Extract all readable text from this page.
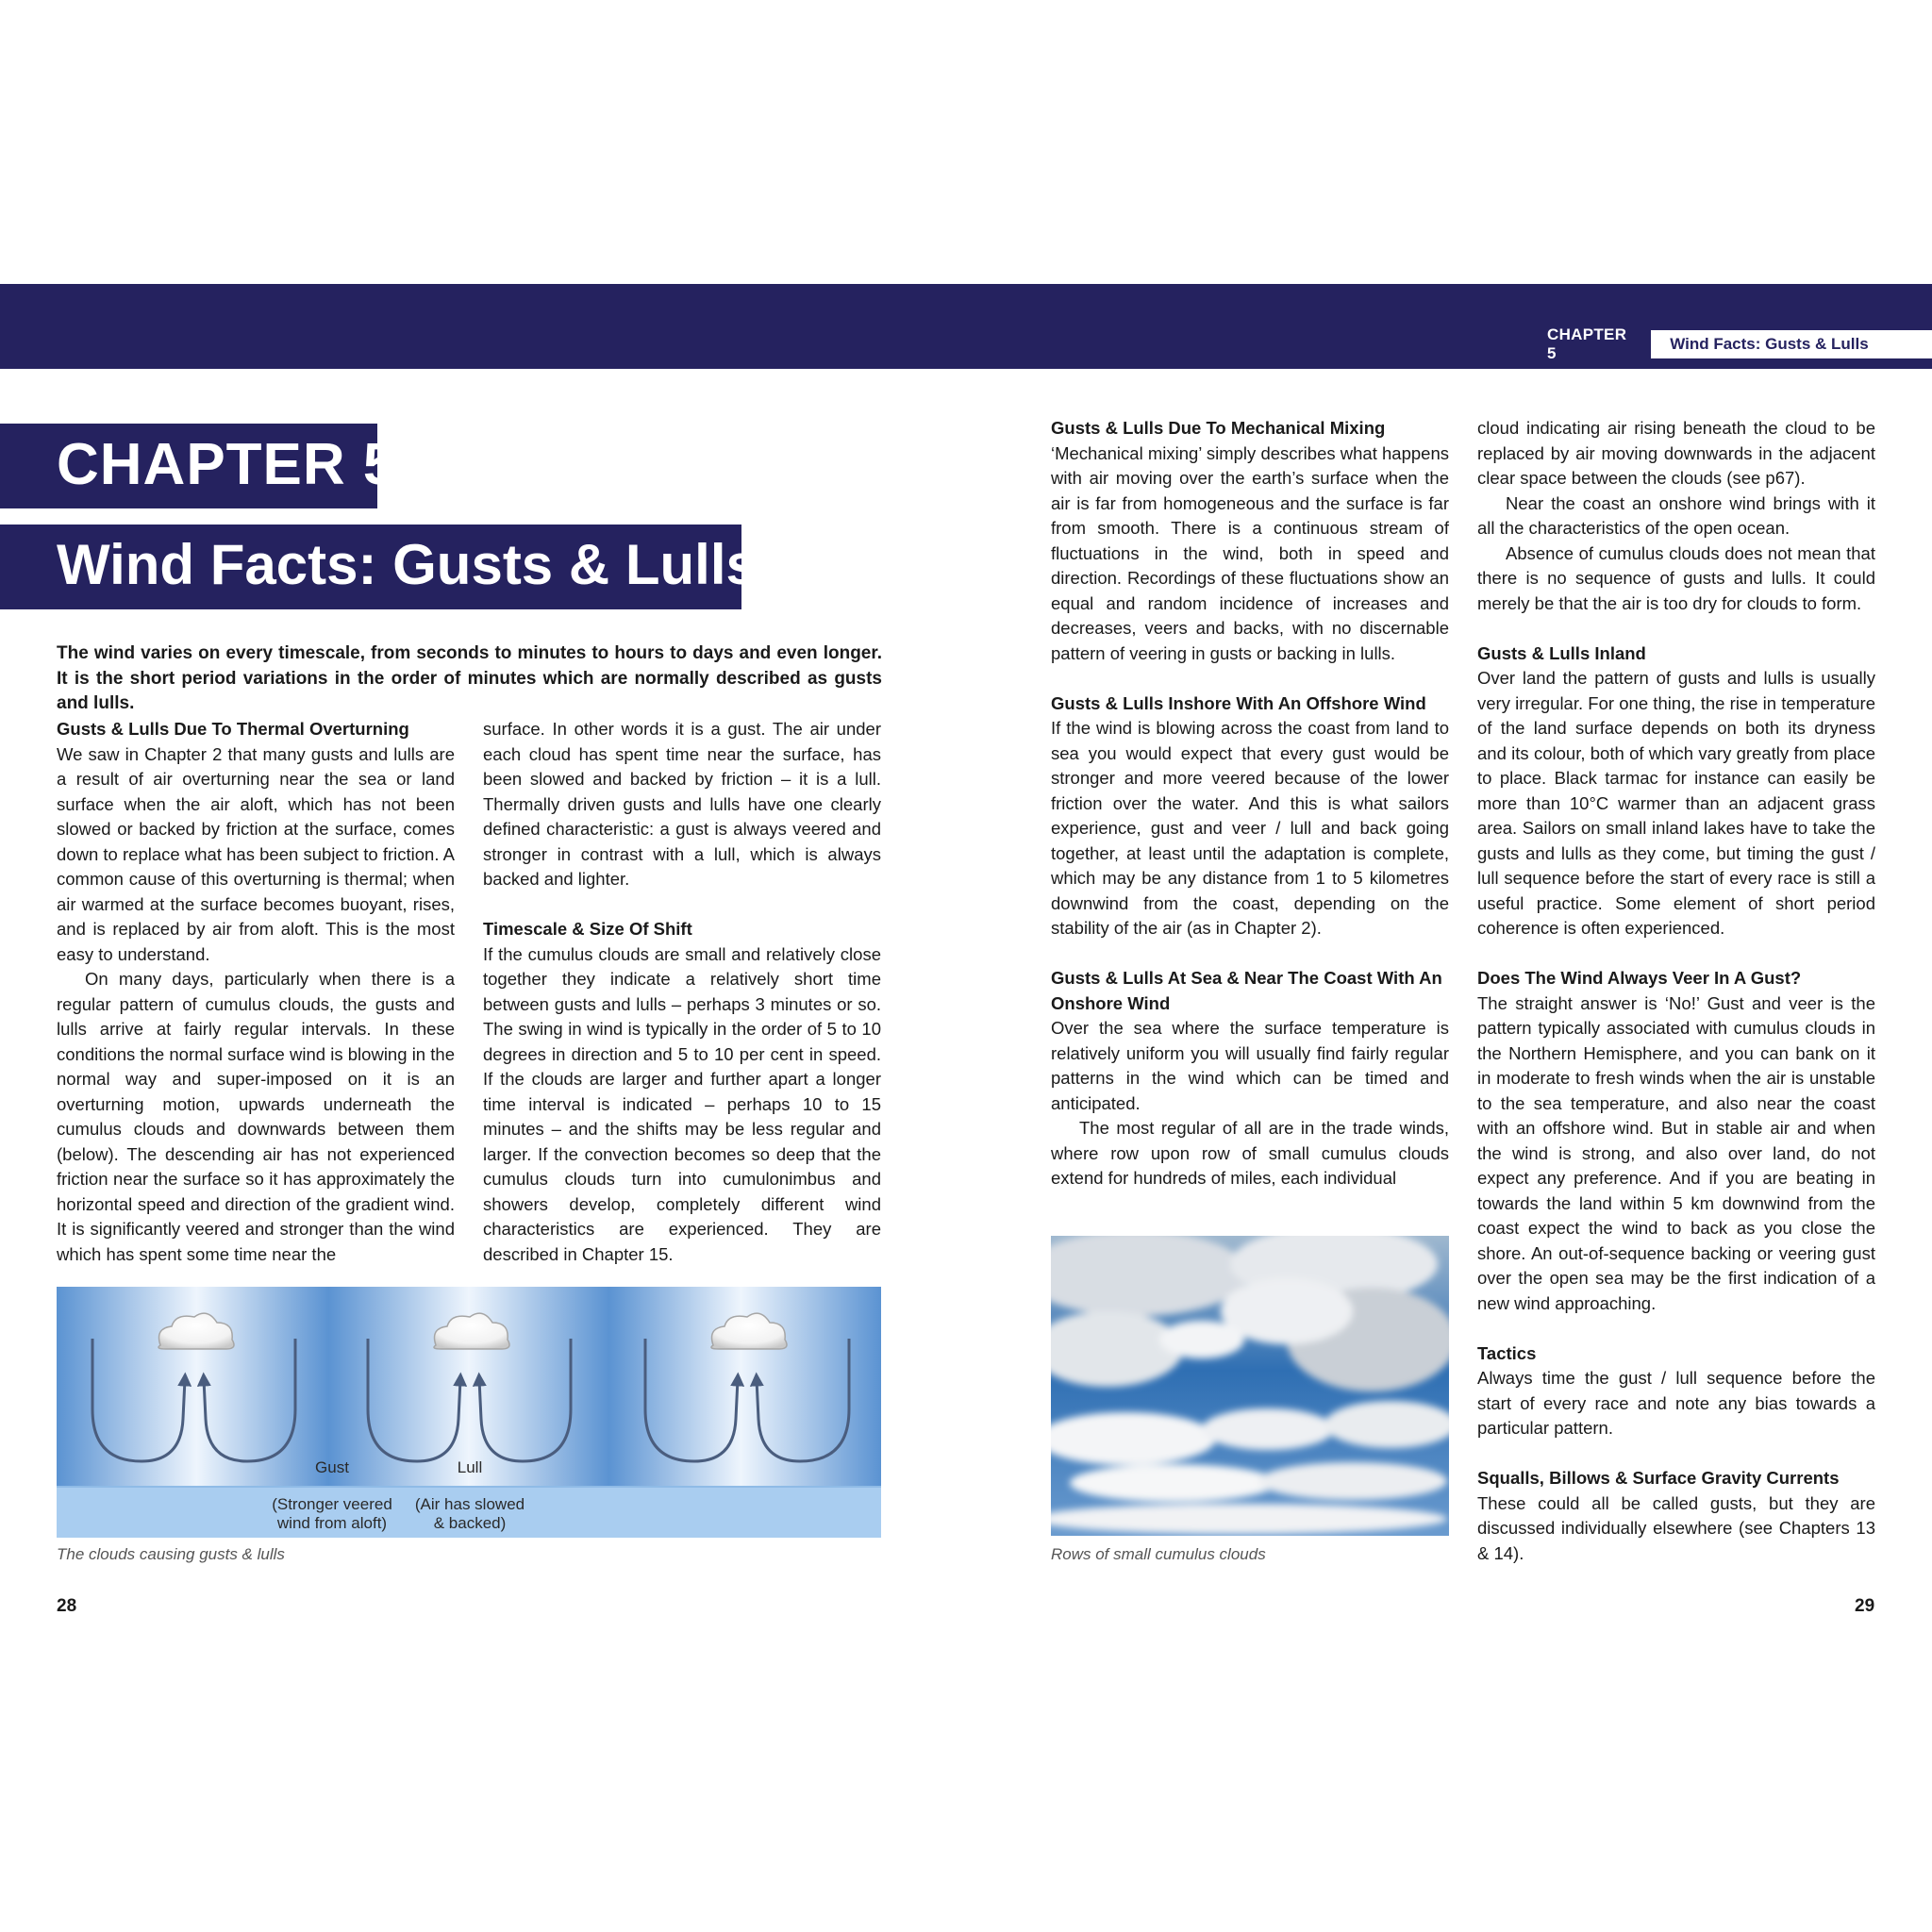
CHAPTER 5
Wind Facts: Gusts & Lulls
CHAPTER 5
Wind Facts: Gusts & Lulls
The wind varies on every timescale, from seconds to minutes to hours to days and even longer. It is the short period variations in the order of minutes which are normally described as gusts and lulls.
Gusts & Lulls Due To Thermal Overturning

We saw in Chapter 2 that many gusts and lulls are a result of air overturning near the sea or land surface when the air aloft, which has not been slowed or backed by friction at the surface, comes down to replace what has been subject to friction. A common cause of this overturning is thermal; when air warmed at the surface becomes buoyant, rises, and is replaced by air from aloft. This is the most easy to understand.

On many days, particularly when there is a regular pattern of cumulus clouds, the gusts and lulls arrive at fairly regular intervals. In these conditions the normal surface wind is blowing in the normal way and super-imposed on it is an overturning motion, upwards underneath the cumulus clouds and downwards between them (below). The descending air has not experienced friction near the surface so it has approximately the horizontal speed and direction of the gradient wind. It is significantly veered and stronger than the wind which has spent some time near the

surface. In other words it is a gust. The air under each cloud has spent time near the surface, has been slowed and backed by friction – it is a lull. Thermally driven gusts and lulls have one clearly defined characteristic: a gust is always veered and stronger in contrast with a lull, which is always backed and lighter.

Timescale & Size Of Shift

If the cumulus clouds are small and relatively close together they indicate a relatively short time between gusts and lulls – perhaps 3 minutes or so. The swing in wind is typically in the order of 5 to 10 degrees in direction and 5 to 10 per cent in speed. If the clouds are larger and further apart a longer time interval is indicated – perhaps 10 to 15 minutes – and the shifts may be less regular and larger. If the convection becomes so deep that the cumulus clouds turn into cumulonimbus and showers develop, completely different wind characteristics are experienced. They are described in Chapter 15.

Gust
(Stronger veered
wind from aloft)
Lull
(Air has slowed
& backed)
The clouds causing gusts & lulls
28
Gusts & Lulls Due To Mechanical Mixing

‘Mechanical mixing’ simply describes what happens with air moving over the earth’s surface when the air is far from homogeneous and the surface is far from smooth. There is a continuous stream of fluctuations in the wind, both in speed and direction. Recordings of these fluctuations show an equal and random incidence of increases and decreases, veers and backs, with no discernable pattern of veering in gusts or backing in lulls.

Gusts & Lulls Inshore With An Offshore Wind

If the wind is blowing across the coast from land to sea you would expect that every gust would be stronger and more veered because of the lower friction over the water. And this is what sailors experience, gust and veer / lull and back going together, at least until the adaptation is complete, which may be any distance from 1 to 5 kilometres downwind from the coast, depending on the stability of the air (as in Chapter 2).

Gusts & Lulls At Sea & Near The Coast With An Onshore Wind

Over the sea where the surface temperature is relatively uniform you will usually find fairly regular patterns in the wind which can be timed and anticipated.

The most regular of all are in the trade winds, where row upon row of small cumulus clouds extend for hundreds of miles, each individual

Rows of small cumulus clouds

cloud indicating air rising beneath the cloud to be replaced by air moving downwards in the adjacent clear space between the clouds (see p67).

Near the coast an onshore wind brings with it all the characteristics of the open ocean.

Absence of cumulus clouds does not mean that there is no sequence of gusts and lulls. It could merely be that the air is too dry for clouds to form.

Gusts & Lulls Inland

Over land the pattern of gusts and lulls is usually very irregular. For one thing, the rise in temperature of the land surface depends on both its dryness and its colour, both of which vary greatly from place to place. Black tarmac for instance can easily be more than 10°C warmer than an adjacent grass area. Sailors on small inland lakes have to take the gusts and lulls as they come, but timing the gust / lull sequence before the start of every race is still a useful practice. Some element of short period coherence is often experienced.

Does The Wind Always Veer In A Gust?

The straight answer is ‘No!’ Gust and veer is the pattern typically associated with cumulus clouds in the Northern Hemisphere, and you can bank on it in moderate to fresh winds when the air is unstable to the sea temperature, and also near the coast with an offshore wind. But in stable air and when the wind is strong, and also over land, do not expect any preference. And if you are beating in towards the land within 5 km downwind from the coast expect the wind to back as you close the shore. An out-of-sequence backing or veering gust over the open sea may be the first indication of a new wind approaching.

Tactics

Always time the gust / lull sequence before the start of every race and note any bias towards a particular pattern.

Squalls, Billows & Surface Gravity Currents

These could all be called gusts, but they are discussed individually elsewhere (see Chapters 13 & 14).

29
